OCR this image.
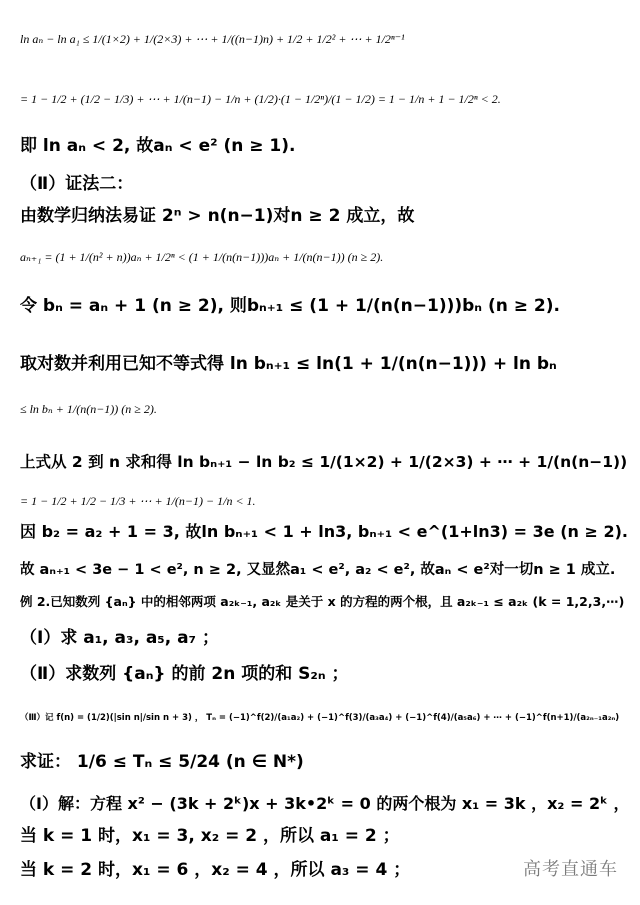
ln aₙ − ln a₁ ≤ 1/(1×2) + 1/(2×3) + ⋯ + 1/((n−1)n) + 1/2 + 1/2² + ⋯ + 1/2ⁿ⁻¹
= 1 − 1/2 + (1/2 − 1/3) + ⋯ + 1/(n−1) − 1/n + (1/2)·(1 − 1/2ⁿ)/(1 − 1/2) = 1 − 1/n + 1 − 1/2ⁿ < 2.
即 ln aₙ < 2, 故aₙ < e² (n ≥ 1).
（Ⅱ）证法二：
由数学归纳法易证 2ⁿ > n(n−1)对n ≥ 2 成立，故
aₙ₊₁ = (1 + 1/(n² + n))aₙ + 1/2ⁿ < (1 + 1/(n(n−1)))aₙ + 1/(n(n−1)) (n ≥ 2).
令 bₙ = aₙ + 1 (n ≥ 2), 则bₙ₊₁ ≤ (1 + 1/(n(n−1)))bₙ (n ≥ 2).
取对数并利用已知不等式得 ln bₙ₊₁ ≤ ln(1 + 1/(n(n−1))) + ln bₙ
≤ ln bₙ + 1/(n(n−1)) (n ≥ 2).
上式从 2 到 n 求和得 ln bₙ₊₁ − ln b₂ ≤ 1/(1×2) + 1/(2×3) + ⋯ + 1/(n(n−1))
= 1 − 1/2 + 1/2 − 1/3 + ⋯ + 1/(n−1) − 1/n < 1.
因 b₂ = a₂ + 1 = 3, 故ln bₙ₊₁ < 1 + ln3, bₙ₊₁ < e^(1+ln3) = 3e (n ≥ 2).
故 aₙ₊₁ < 3e − 1 < e², n ≥ 2, 又显然a₁ < e², a₂ < e², 故aₙ < e²对一切n ≥ 1 成立.
例 2.已知数列 {aₙ} 中的相邻两项 a₂ₖ₋₁, a₂ₖ 是关于 x 的方程的两个根，且 a₂ₖ₋₁ ≤ a₂ₖ (k = 1,2,3,⋯)
（Ⅰ）求 a₁, a₃, a₅, a₇ ；
（Ⅱ）求数列 {aₙ} 的前 2n 项的和 S₂ₙ ；
（Ⅲ）记 f(n) = (1/2)(|sin n|/sin n + 3) ， Tₙ = (−1)^f(2)/(a₁a₂) + (−1)^f(3)/(a₃a₄) + (−1)^f(4)/(a₅a₆) + ⋯ + (−1)^f(n+1)/(a₂ₙ₋₁a₂ₙ)
求证： 1/6 ≤ Tₙ ≤ 5/24 (n ∈ N*)
（Ⅰ）解：方程 x² − (3k + 2ᵏ)x + 3k•2ᵏ = 0 的两个根为 x₁ = 3k ，x₂ = 2ᵏ ，
当 k = 1 时，x₁ = 3, x₂ = 2 ，所以 a₁ = 2 ；
当 k = 2 时，x₁ = 6 ，x₂ = 4 ，所以 a₃ = 4 ；	高考直通车
